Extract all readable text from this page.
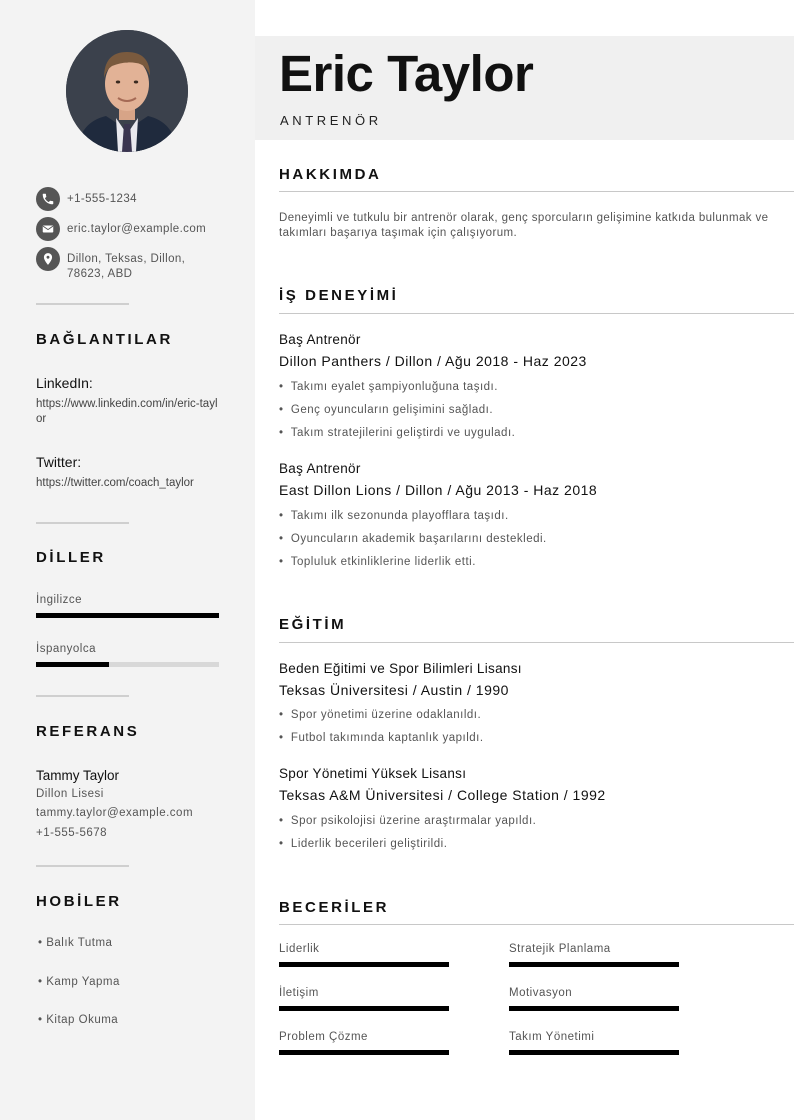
+1-555-1234
eric.taylor@example.com
Dillon, Teksas, Dillon,
78623, ABD
BAĞLANTILAR
LinkedIn:
https://www.linkedin.com/in/eric-taylor
Twitter:
https://twitter.com/coach_taylor
DİLLER
İngilizce
İspanyolca
REFERANS
Tammy Taylor
Dillon Lisesi
tammy.taylor@example.com
+1-555-5678
HOBİLER
• Balık Tutma
• Kamp Yapma
• Kitap Okuma
Eric Taylor
ANTRENÖR
HAKKIMDA
Deneyimli ve tutkulu bir antrenör olarak, genç sporcuların gelişimine katkıda bulunmak ve takımları başarıya taşımak için çalışıyorum.
İŞ DENEYİMİ
Baş Antrenör
Dillon Panthers / Dillon / Ağu 2018 - Haz 2023
•  Takımı eyalet şampiyonluğuna taşıdı.
•  Genç oyuncuların gelişimini sağladı.
•  Takım stratejilerini geliştirdi ve uyguladı.
Baş Antrenör
East Dillon Lions / Dillon / Ağu 2013 - Haz 2018
•  Takımı ilk sezonunda playofflara taşıdı.
•  Oyuncuların akademik başarılarını destekledi.
•  Topluluk etkinliklerine liderlik etti.
EĞİTİM
Beden Eğitimi ve Spor Bilimleri Lisansı
Teksas Üniversitesi / Austin / 1990
•  Spor yönetimi üzerine odaklanıldı.
•  Futbol takımında kaptanlık yapıldı.
Spor Yönetimi Yüksek Lisansı
Teksas A&M Üniversitesi / College Station / 1992
•  Spor psikolojisi üzerine araştırmalar yapıldı.
•  Liderlik becerileri geliştirildi.
BECERİLER
Liderlik	Stratejik Planlama
İletişim	Motivasyon
Problem Çözme	Takım Yönetimi
